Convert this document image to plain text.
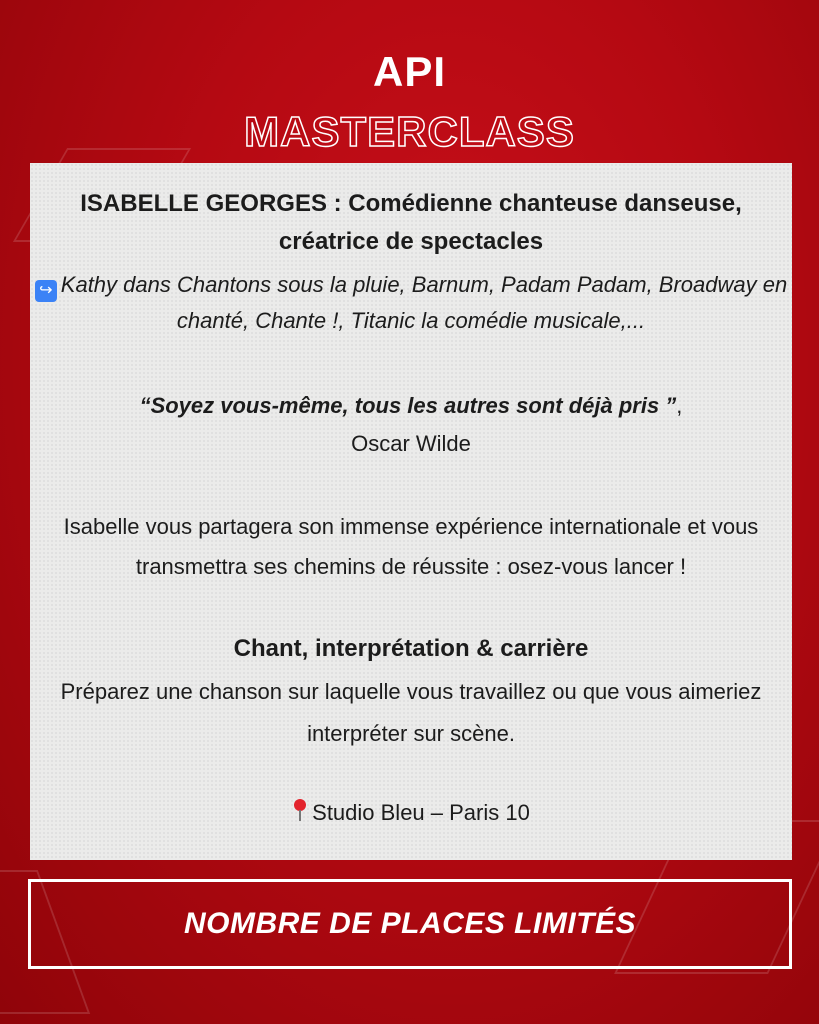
API
MASTERCLASS
ISABELLE GEORGES : Comédienne chanteuse danseuse, créatrice de spectacles
↪ Kathy dans Chantons sous la pluie, Barnum, Padam Padam, Broadway en chanté, Chante !, Titanic la comédie musicale,...
“Soyez vous-même, tous les autres sont déjà pris ”,
Oscar Wilde
Isabelle vous partagera son immense expérience internationale et vous transmettra ses chemins de réussite : osez-vous lancer !
Chant, interprétation & carrière
Préparez une chanson sur laquelle vous travaillez ou que vous aimeriez interpréter sur scène.
Studio Bleu – Paris 10
NOMBRE DE PLACES LIMITÉS
